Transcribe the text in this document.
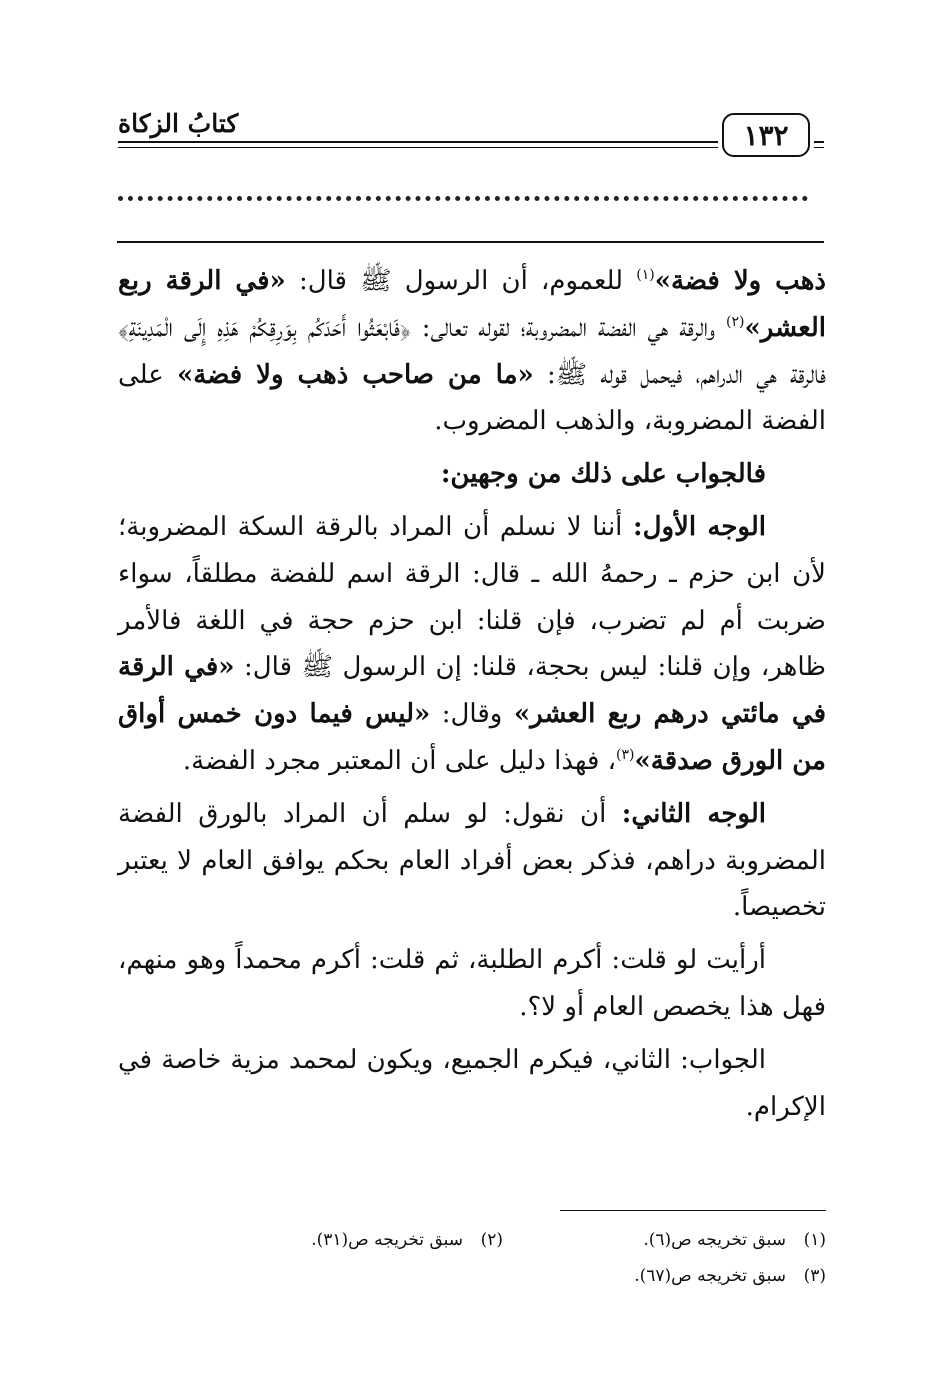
١٣٢
كتابُ الزكاة

ذهب ولا فضة»$^{(١)}$ للعموم، أن الرسول ﷺ قال: «في الرقة ربع العشر»$^{(٢)}$ والرقة هي الفضة المضروبة؛ لقوله تعالى: ﴿فَابْعَثُوا أَحَدَكُم بِوَرِقِكُمْ هَذِهِ إِلَى الْمَدِينَةِ﴾ فالرقة هي الدراهم، فيحمل قوله ﷺ: «ما من صاحب ذهب ولا فضة» على الفضة المضروبة، والذهب المضروب.

فالجواب على ذلك من وجهين:

الوجه الأول: أننا لا نسلم أن المراد بالرقة السكة المضروبة؛ لأن ابن حزم ـ رحمهُ الله ـ قال: الرقة اسم للفضة مطلقاً، سواء ضربت أم لم تضرب، فإن قلنا: ابن حزم حجة في اللغة فالأمر ظاهر، وإن قلنا: ليس بحجة، قلنا: إن الرسول ﷺ قال: «في الرقة في مائتي درهم ربع العشر» وقال: «ليس فيما دون خمس أواق من الورق صدقة»$^{(٣)}$، فهذا دليل على أن المعتبر مجرد الفضة.

الوجه الثاني: أن نقول: لو سلم أن المراد بالورق الفضة المضروبة دراهم، فذكر بعض أفراد العام بحكم يوافق العام لا يعتبر تخصيصاً.

أرأيت لو قلت: أكرم الطلبة، ثم قلت: أكرم محمداً وهو منهم، فهل هذا يخصص العام أو لا؟.

الجواب: الثاني، فيكرم الجميع، ويكون لمحمد مزية خاصة في الإكرام.

(١)سبق تخريجه ص(٦).
(٢)سبق تخريجه ص(٣١).
(٣)سبق تخريجه ص(٦٧).
